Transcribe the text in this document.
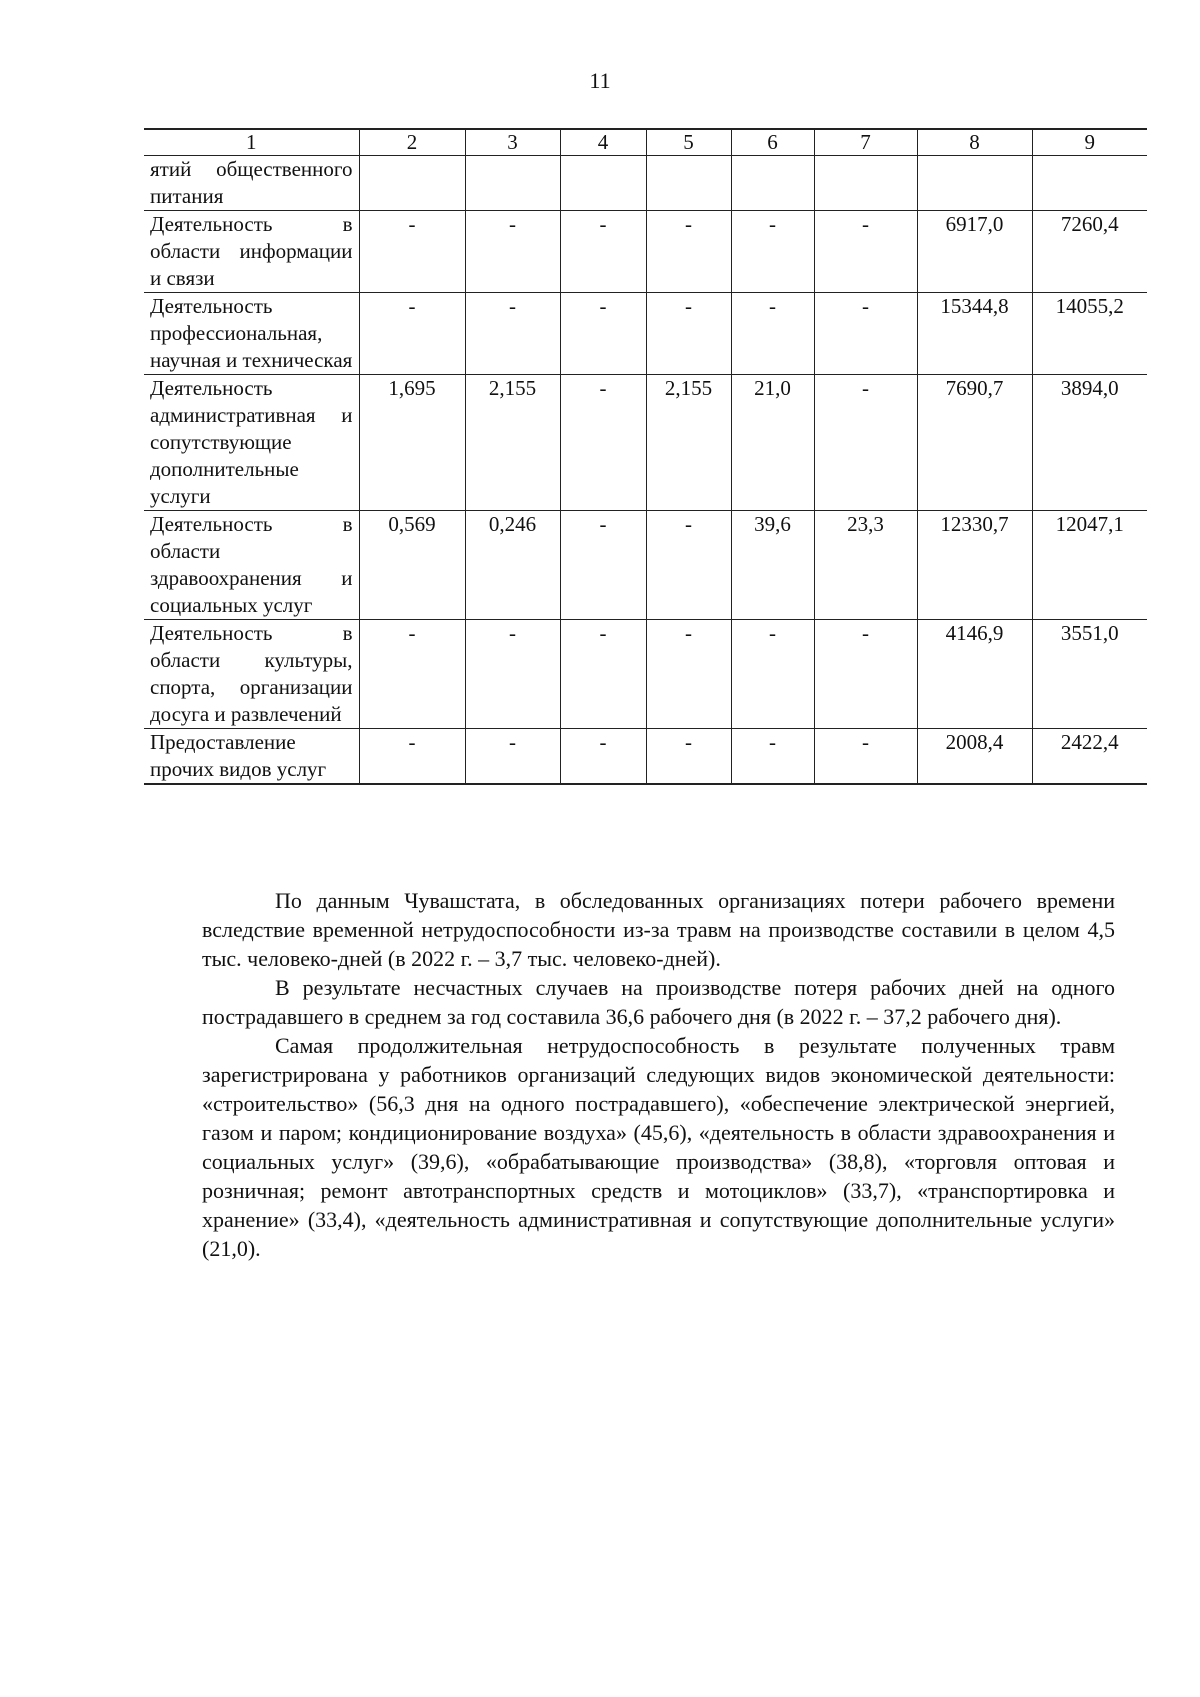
11
1	2	3	4	5	6	7	8	9
ятий общественного питания								
Деятельность в области информации и связи	-	-	-	-	-	-	6917,0	7260,4
Деятельность профессиональная, научная и техническая	-	-	-	-	-	-	15344,8	14055,2
Деятельность административная и сопутствующие дополнительные услуги	1,695	2,155	-	2,155	21,0	-	7690,7	3894,0
Деятельность в области здравоохранения и социальных услуг	0,569	0,246	-	-	39,6	23,3	12330,7	12047,1
Деятельность в области культуры, спорта, организации досуга и развлечений	-	-	-	-	-	-	4146,9	3551,0
Предоставление прочих видов услуг	-	-	-	-	-	-	2008,4	2422,4

По данным Чувашстата, в обследованных организациях потери рабочего времени вследствие временной нетрудоспособности из-за травм на производстве составили в целом 4,5 тыс. человеко-дней (в 2022 г. – 3,7 тыс. человеко-дней).

В результате несчастных случаев на производстве потеря рабочих дней на одного пострадавшего в среднем за год составила 36,6 рабочего дня (в 2022 г. – 37,2 рабочего дня).

Самая продолжительная нетрудоспособность в результате полученных травм зарегистрирована у работников организаций следующих видов экономической деятельности: «строительство» (56,3 дня на одного пострадавшего), «обеспечение электрической энергией, газом и паром; кондиционирование воздуха» (45,6), «деятельность в области здравоохранения и социальных услуг» (39,6), «обрабатывающие производства» (38,8), «торговля оптовая и розничная; ремонт автотранспортных средств и мотоциклов» (33,7), «транспортировка и хранение» (33,4), «деятельность административная и сопутствующие дополнительные услуги» (21,0).
